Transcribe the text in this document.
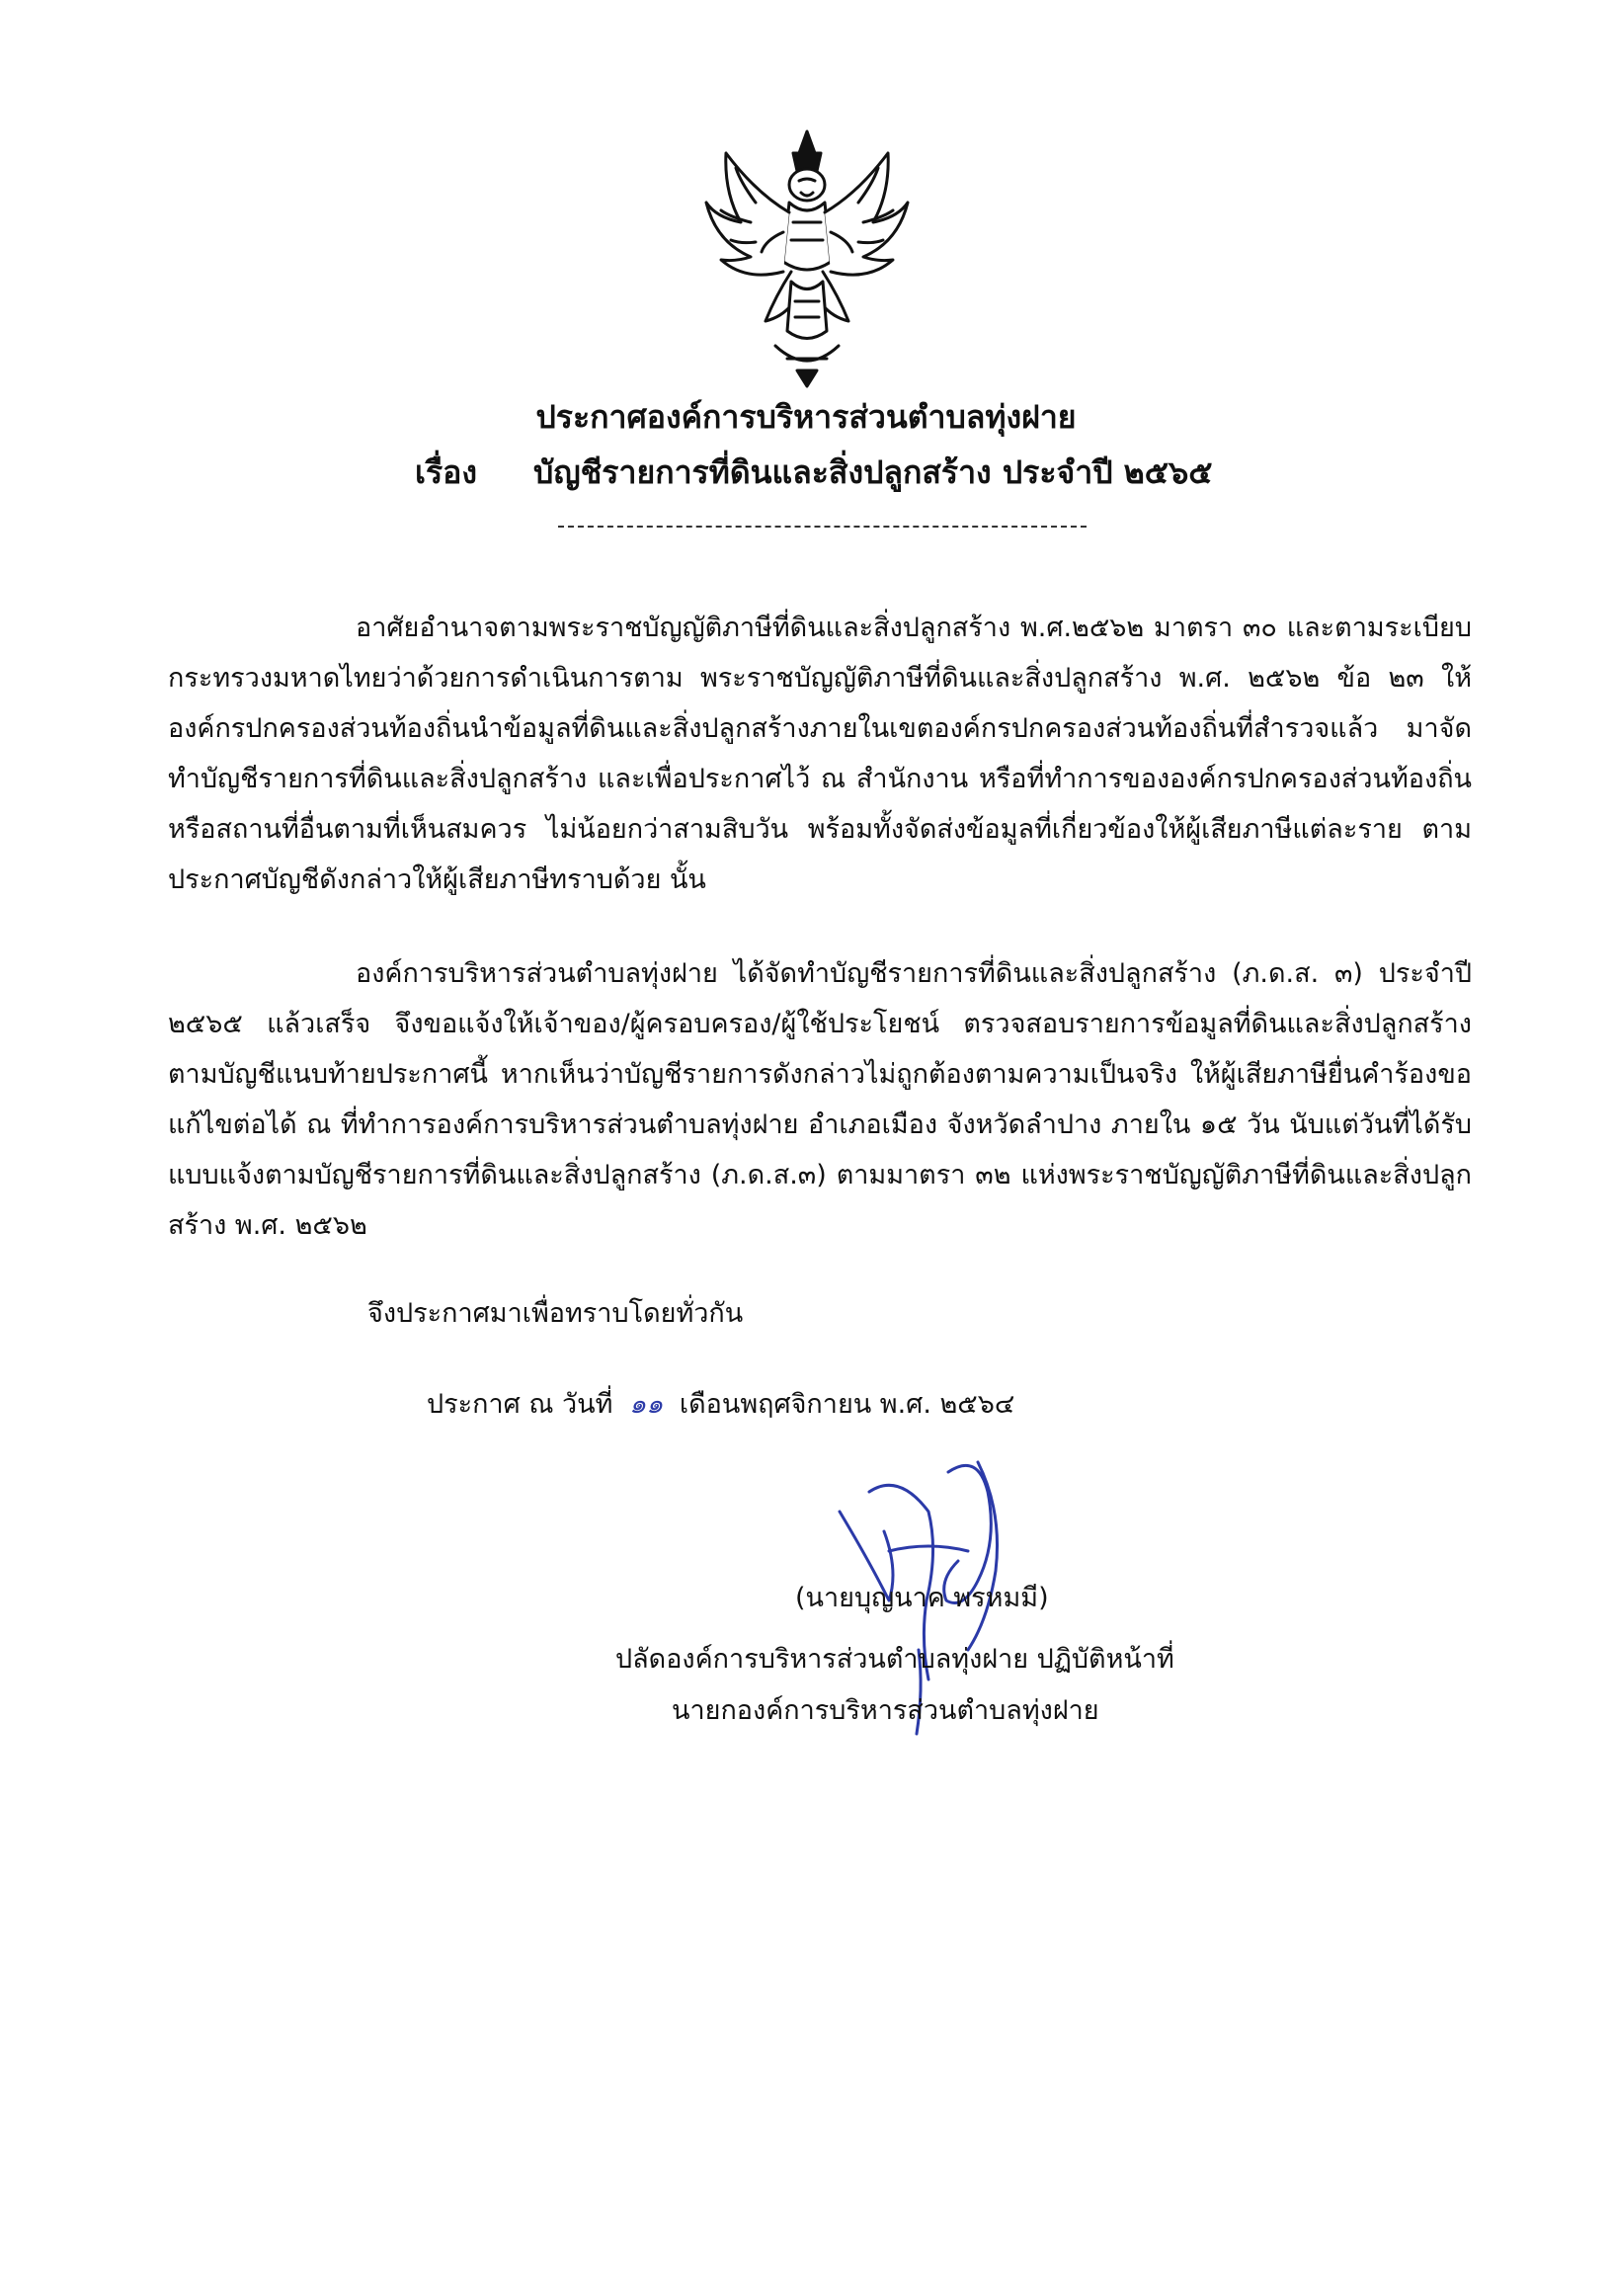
ประกาศองค์การบริหารส่วนตำบลทุ่งฝาย
เรื่อง บัญชีรายการที่ดินและสิ่งปลูกสร้าง ประจำปี ๒๕๖๕
อาศัยอำนาจตามพระราชบัญญัติภาษีที่ดินและสิ่งปลูกสร้าง พ.ศ.๒๕๖๒ มาตรา ๓๐ และตามระเบียบกระทรวงมหาดไทยว่าด้วยการดำเนินการตาม พระราชบัญญัติภาษีที่ดินและสิ่งปลูกสร้าง พ.ศ. ๒๕๖๒ ข้อ ๒๓ ให้องค์กรปกครองส่วนท้องถิ่นนำข้อมูลที่ดินและสิ่งปลูกสร้างภายในเขตองค์กรปกครองส่วนท้องถิ่นที่สำรวจแล้ว มาจัดทำบัญชีรายการที่ดินและสิ่งปลูกสร้าง และเพื่อประกาศไว้ ณ สำนักงาน หรือที่ทำการขององค์กรปกครองส่วนท้องถิ่น หรือสถานที่อื่นตามที่เห็นสมควร ไม่น้อยกว่าสามสิบวัน พร้อมทั้งจัดส่งข้อมูลที่เกี่ยวข้องให้ผู้เสียภาษีแต่ละราย ตามประกาศบัญชีดังกล่าวให้ผู้เสียภาษีทราบด้วย นั้น
องค์การบริหารส่วนตำบลทุ่งฝาย ได้จัดทำบัญชีรายการที่ดินและสิ่งปลูกสร้าง (ภ.ด.ส. ๓) ประจำปี ๒๕๖๕ แล้วเสร็จ จึงขอแจ้งให้เจ้าของ/ผู้ครอบครอง/ผู้ใช้ประโยชน์ ตรวจสอบรายการข้อมูลที่ดินและสิ่งปลูกสร้างตามบัญชีแนบท้ายประกาศนี้ หากเห็นว่าบัญชีรายการดังกล่าวไม่ถูกต้องตามความเป็นจริง ให้ผู้เสียภาษียื่นคำร้องขอแก้ไขต่อได้ ณ ที่ทำการองค์การบริหารส่วนตำบลทุ่งฝาย อำเภอเมือง จังหวัดลำปาง ภายใน ๑๕ วัน นับแต่วันที่ได้รับแบบแจ้งตามบัญชีรายการที่ดินและสิ่งปลูกสร้าง (ภ.ด.ส.๓) ตามมาตรา ๓๒ แห่งพระราชบัญญัติภาษีที่ดินและสิ่งปลูกสร้าง พ.ศ. ๒๕๖๒
จึงประกาศมาเพื่อทราบโดยทั่วกัน
ประกาศ ณ วันที่ ๑๑ เดือนพฤศจิกายน พ.ศ. ๒๕๖๔
(นายบุญนาค พรหมมี)
ปลัดองค์การบริหารส่วนตำบลทุ่งฝาย ปฏิบัติหน้าที่
นายกองค์การบริหารส่วนตำบลทุ่งฝาย
